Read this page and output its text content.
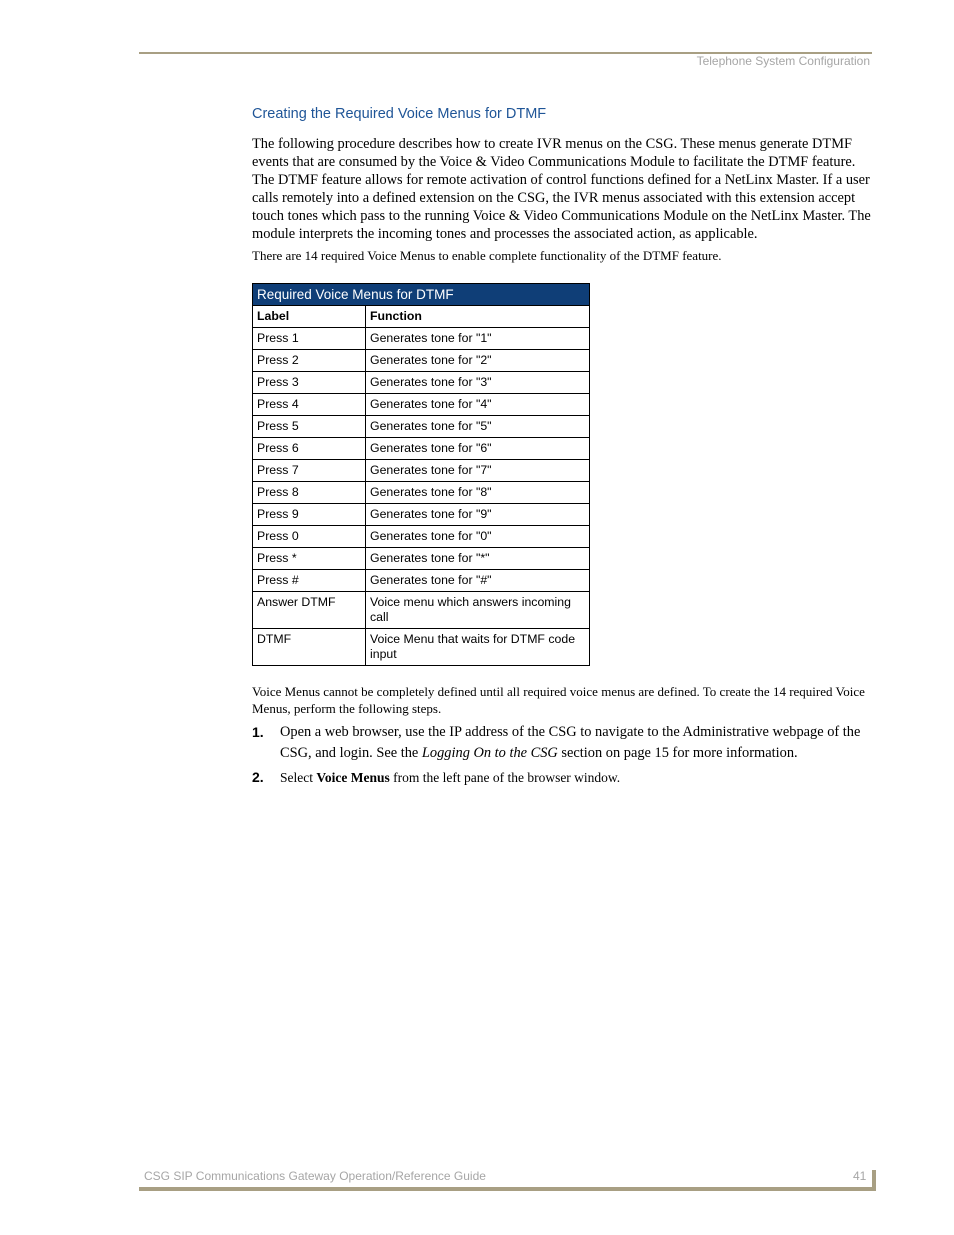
Telephone System Configuration
Creating the Required Voice Menus for DTMF
The following procedure describes how to create IVR menus on the CSG. These menus generate DTMF events that are consumed by the Voice & Video Communications Module to facilitate the DTMF feature. The DTMF feature allows for remote activation of control functions defined for a NetLinx Master. If a user calls remotely into a defined extension on the CSG, the IVR menus associated with this extension accept touch tones which pass to the running Voice & Video Communications Module on the NetLinx Master. The module interprets the incoming tones and processes the associated action, as applicable.
There are 14 required Voice Menus to enable complete functionality of the DTMF feature.
Required Voice Menus for DTMF	
Label	Function
Press 1	Generates tone for "1"
Press 2	Generates tone for "2"
Press 3	Generates tone for "3"
Press 4	Generates tone for "4"
Press 5	Generates tone for "5"
Press 6	Generates tone for "6"
Press 7	Generates tone for "7"
Press 8	Generates tone for "8"
Press 9	Generates tone for "9"
Press 0	Generates tone for "0"
Press *	Generates tone for "*"
Press #	Generates tone for "#"
Answer DTMF	Voice menu which answers incoming call
DTMF	Voice Menu that waits for DTMF code input
Voice Menus cannot be completely defined until all required voice menus are defined. To create the 14 required Voice Menus, perform the following steps.
1. Open a web browser, use the IP address of the CSG to navigate to the Administrative webpage of the CSG, and login. See the Logging On to the CSG section on page 15 for more information.
2. Select Voice Menus from the left pane of the browser window.
CSG SIP Communications Gateway Operation/Reference Guide	41
